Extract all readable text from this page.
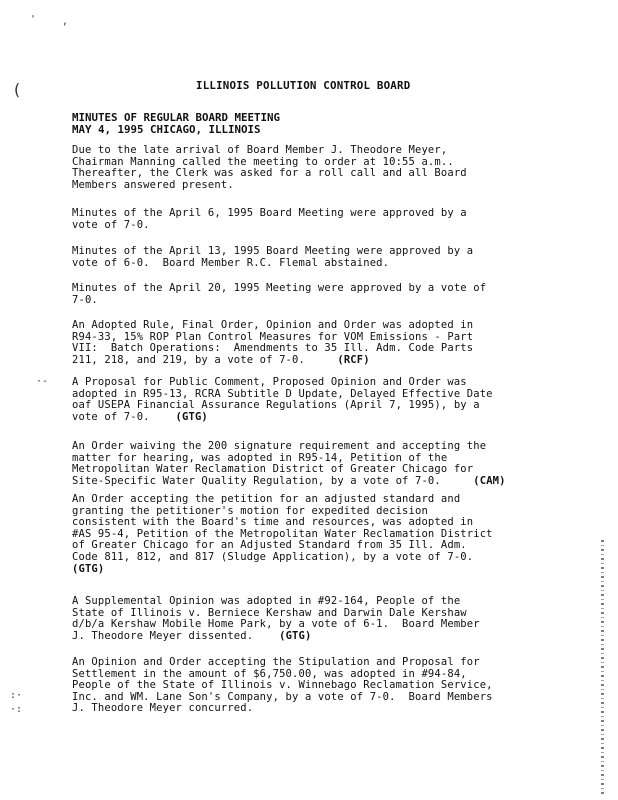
'	,
(
·-
:·
·:
ILLINOIS POLLUTION CONTROL BOARD
MINUTES OF REGULAR BOARD MEETING
MAY 4, 1995 CHICAGO, ILLINOIS

Due to the late arrival of Board Member J. Theodore Meyer,
Chairman Manning called the meeting to order at 10:55 a.m..
Thereafter, the Clerk was asked for a roll call and all Board
Members answered present.

Minutes of the April 6, 1995 Board Meeting were approved by a
vote of 7-0.

Minutes of the April 13, 1995 Board Meeting were approved by a
vote of 6-0.  Board Member R.C. Flemal abstained.

Minutes of the April 20, 1995 Meeting were approved by a vote of
7-0.

An Adopted Rule, Final Order, Opinion and Order was adopted in
R94-33, 15% ROP Plan Control Measures for VOM Emissions - Part
VII:  Batch Operations:  Amendments to 35 Ill. Adm. Code Parts
211, 218, and 219, by a vote of 7-0.	(RCF)

A Proposal for Public Comment, Proposed Opinion and Order was
adopted in R95-13, RCRA Subtitle D Update, Delayed Effective Date
oaf USEPA Financial Assurance Regulations (April 7, 1995), by a
vote of 7-0.    (GTG)

An Order waiving the 200 signature requirement and accepting the
matter for hearing, was adopted in R95-14, Petition of the
Metropolitan Water Reclamation District of Greater Chicago for
Site-Specific Water Quality Regulation, by a vote of 7-0.	(CAM)

An Order accepting the petition for an adjusted standard and
granting the petitioner's motion for expedited decision
consistent with the Board's time and resources, was adopted in
#AS 95-4, Petition of the Metropolitan Water Reclamation District
of Greater Chicago for an Adjusted Standard from 35 Ill. Adm.
Code 811, 812, and 817 (Sludge Application), by a vote of 7-0.
(GTG)

A Supplemental Opinion was adopted in #92-164, People of the
State of Illinois v. Berniece Kershaw and Darwin Dale Kershaw
d/b/a Kershaw Mobile Home Park, by a vote of 6-1.  Board Member
J. Theodore Meyer dissented.    (GTG)

An Opinion and Order accepting the Stipulation and Proposal for
Settlement in the amount of $6,750.00, was adopted in #94-84,
People of the State of Illinois v. Winnebago Reclamation Service,
Inc. and WM. Lane Son's Company, by a vote of 7-0.  Board Members
J. Theodore Meyer concurred.
